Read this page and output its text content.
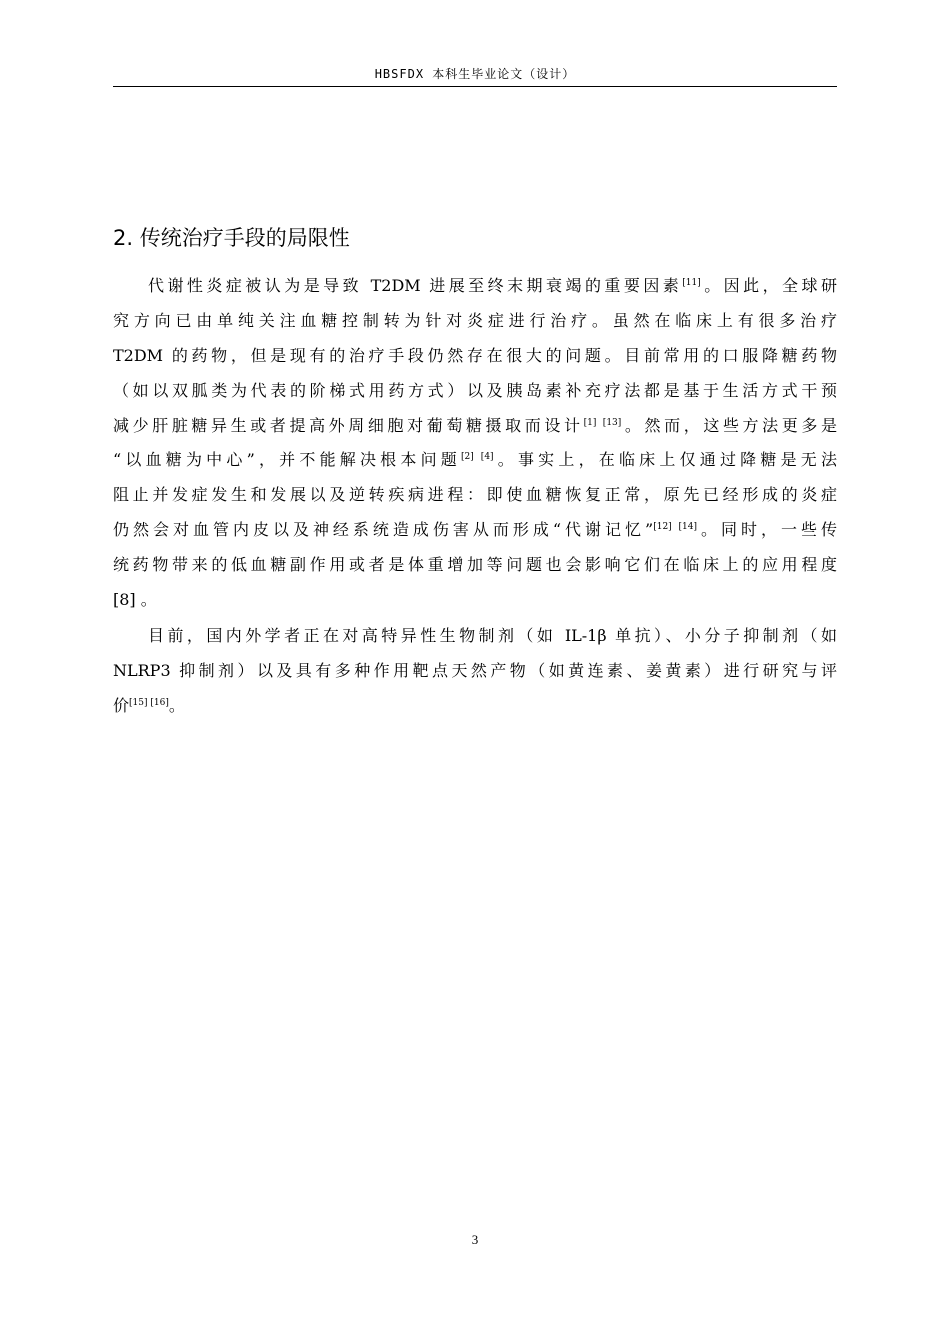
HBSFDX 本科生毕业论文（设计）
2. 传统治疗手段的局限性
代谢性炎症被认为是导致 T2DM 进展至终末期衰竭的重要因素[11]。因此，全球研
究方向已由单纯关注血糖控制转为针对炎症进行治疗。虽然在临床上有很多治疗
T2DM 的药物，但是现有的治疗手段仍然存在很大的问题。目前常用的口服降糖药物
（如以双胍类为代表的阶梯式用药方式）以及胰岛素补充疗法都是基于生活方式干预
减少肝脏糖异生或者提高外周细胞对葡萄糖摄取而设计[1] [13]。然而，这些方法更多是
“以血糖为中心”，并不能解决根本问题[2] [4]。事实上，在临床上仅通过降糖是无法
阻止并发症发生和发展以及逆转疾病进程：即使血糖恢复正常，原先已经形成的炎症
仍然会对血管内皮以及神经系统造成伤害从而形成“代谢记忆”[12] [14]。同时，一些传
统药物带来的低血糖副作用或者是体重增加等问题也会影响它们在临床上的应用程度
[8] 。
目前，国内外学者正在对高特异性生物制剂（如 IL-1β 单抗）、小分子抑制剂（如
NLRP3 抑制剂）以及具有多种作用靶点天然产物（如黄连素、姜黄素）进行研究与评
价[15] [16]。
3
